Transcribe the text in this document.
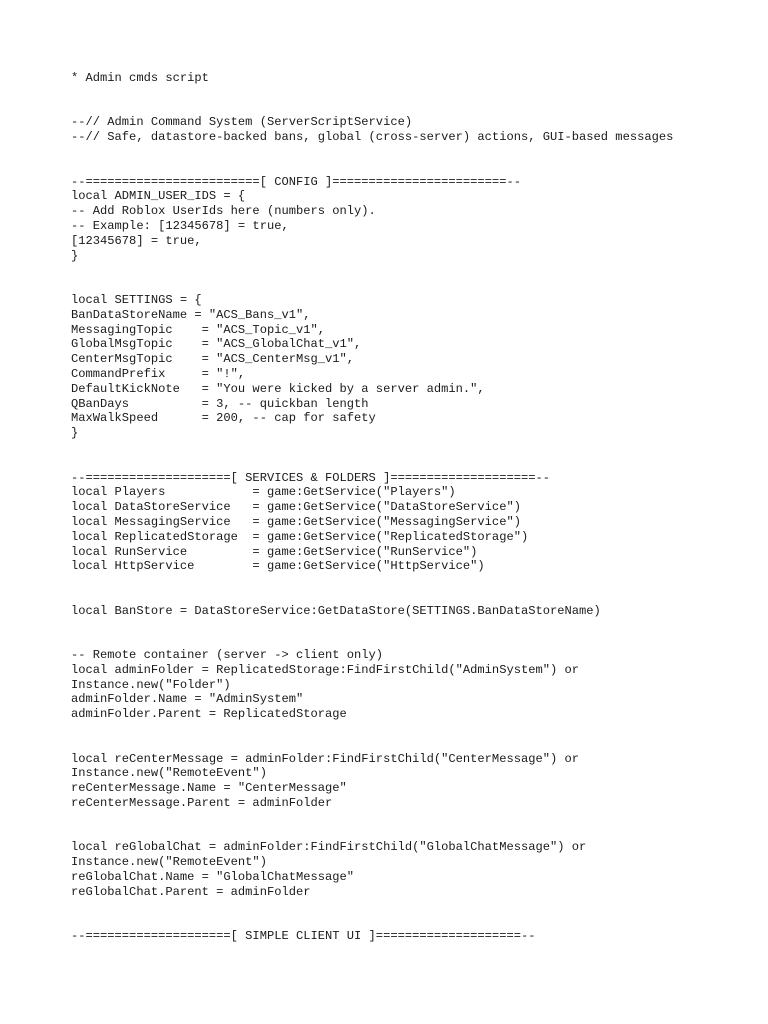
* Admin cmds script
--// Admin Command System (ServerScriptService)
--// Safe, datastore-backed bans, global (cross-server) actions, GUI-based messages
--========================[ CONFIG ]========================--
local ADMIN_USER_IDS = {
-- Add Roblox UserIds here (numbers only).
-- Example: [12345678] = true,
[12345678] = true,
}
local SETTINGS = {
BanDataStoreName = "ACS_Bans_v1",
MessagingTopic    = "ACS_Topic_v1",
GlobalMsgTopic    = "ACS_GlobalChat_v1",
CenterMsgTopic    = "ACS_CenterMsg_v1",
CommandPrefix     = "!",
DefaultKickNote   = "You were kicked by a server admin.",
QBanDays          = 3, -- quickban length
MaxWalkSpeed      = 200, -- cap for safety
}
--====================[ SERVICES & FOLDERS ]====================--
local Players            = game:GetService("Players")
local DataStoreService   = game:GetService("DataStoreService")
local MessagingService   = game:GetService("MessagingService")
local ReplicatedStorage  = game:GetService("ReplicatedStorage")
local RunService         = game:GetService("RunService")
local HttpService        = game:GetService("HttpService")
local BanStore = DataStoreService:GetDataStore(SETTINGS.BanDataStoreName)
-- Remote container (server -> client only)
local adminFolder = ReplicatedStorage:FindFirstChild("AdminSystem") or
Instance.new("Folder")
adminFolder.Name = "AdminSystem"
adminFolder.Parent = ReplicatedStorage
local reCenterMessage = adminFolder:FindFirstChild("CenterMessage") or
Instance.new("RemoteEvent")
reCenterMessage.Name = "CenterMessage"
reCenterMessage.Parent = adminFolder
local reGlobalChat = adminFolder:FindFirstChild("GlobalChatMessage") or
Instance.new("RemoteEvent")
reGlobalChat.Name = "GlobalChatMessage"
reGlobalChat.Parent = adminFolder
--====================[ SIMPLE CLIENT UI ]====================--
